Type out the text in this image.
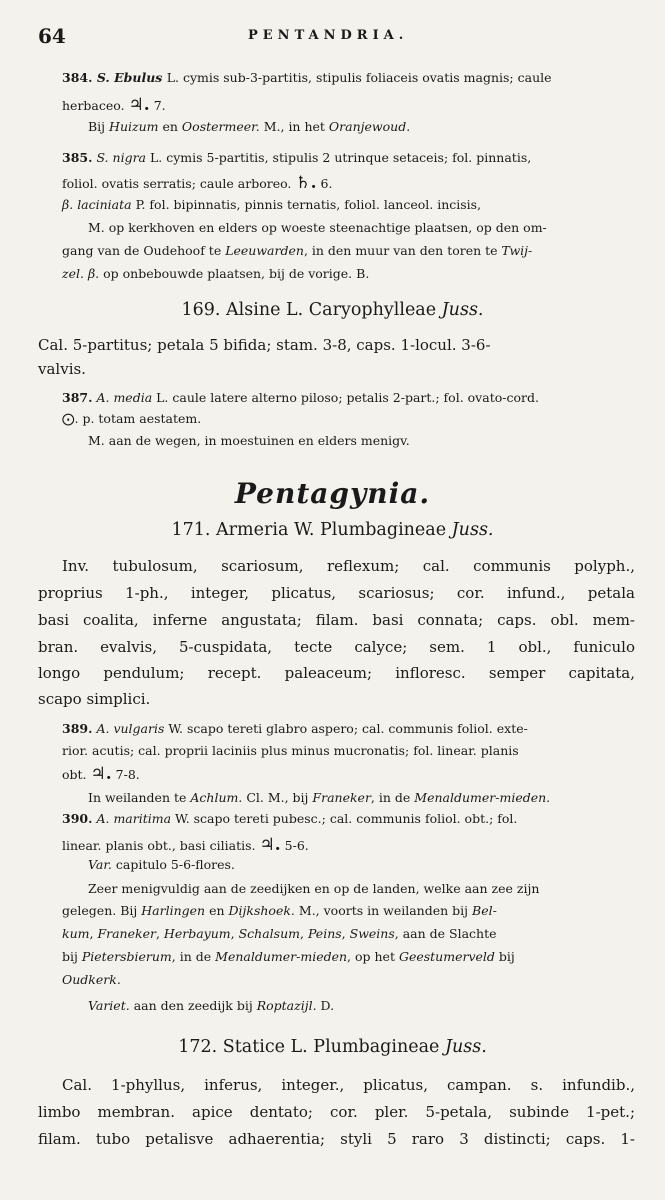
64	PENTANDRIA.
384. S. Ebulus L. cymis sub-3-partitis, stipulis foliaceis ovatis magnis; caule
herbaceo. ♃. 7.
Bij Huizum en Oostermeer. M., in het Oranjewoud.
385. S. nigra L. cymis 5-partitis, stipulis 2 utrinque setaceis; fol. pinnatis,
foliol. ovatis serratis; caule arboreo. ♄. 6.
β. laciniata P. fol. bipinnatis, pinnis ternatis, foliol. lanceol. incisis,
M. op kerkhoven en elders op woeste steenachtige plaatsen, op den om-
gang van de Oudehoof te Leeuwarden, in den muur van den toren te Twij-
zel. β. op onbebouwde plaatsen, bij de vorige. B.
169. Alsine L. Caryophylleae Juss.
Cal. 5-partitus; petala 5 bifida; stam. 3-8, caps. 1-locul. 3-6-
valvis.
387. A. media L. caule latere alterno piloso; petalis 2-part.; fol. ovato-cord.
⨀. p. totam aestatem.
M. aan de wegen, in moestuinen en elders menigv.
Pentagynia.
171. Armeria W. Plumbagineae Juss.
Inv. tubulosum, scariosum, reflexum; cal. communis polyph.,
proprius 1-ph., integer, plicatus, scariosus; cor. infund., petala
basi coalita, inferne angustata; filam. basi connata; caps. obl. mem-
bran. evalvis, 5-cuspidata, tecte calyce; sem. 1 obl., funiculo
longo pendulum; recept. paleaceum; infloresc. semper capitata,
scapo simplici.
389. A. vulgaris W. scapo tereti glabro aspero; cal. communis foliol. exte-
rior. acutis; cal. proprii laciniis plus minus mucronatis; fol. linear. planis
obt. ♃. 7-8.
In weilanden te Achlum. Cl. M., bij Franeker, in de Menaldumer-mieden.
390. A. maritima W. scapo tereti pubesc.; cal. communis foliol. obt.; fol.
linear. planis obt., basi ciliatis. ♃. 5-6.
Var. capitulo 5-6-flores.
Zeer menigvuldig aan de zeedijken en op de landen, welke aan zee zijn
gelegen. Bij Harlingen en Dijkshoek. M., voorts in weilanden bij Bel-
kum, Franeker, Herbayum, Schalsum, Peins, Sweins, aan de Slachte
bij Pietersbierum, in de Menaldumer-mieden, op het Geestumerveld bij
Oudkerk.
Variet. aan den zeedijk bij Roptazijl. D.
172. Statice L. Plumbagineae Juss.
Cal. 1-phyllus, inferus, integer., plicatus, campan. s. infundib.,
limbo membran. apice dentato; cor. pler. 5-petala, subinde 1-pet.;
filam. tubo petalisve adhaerentia; styli 5 raro 3 distincti; caps. 1-
